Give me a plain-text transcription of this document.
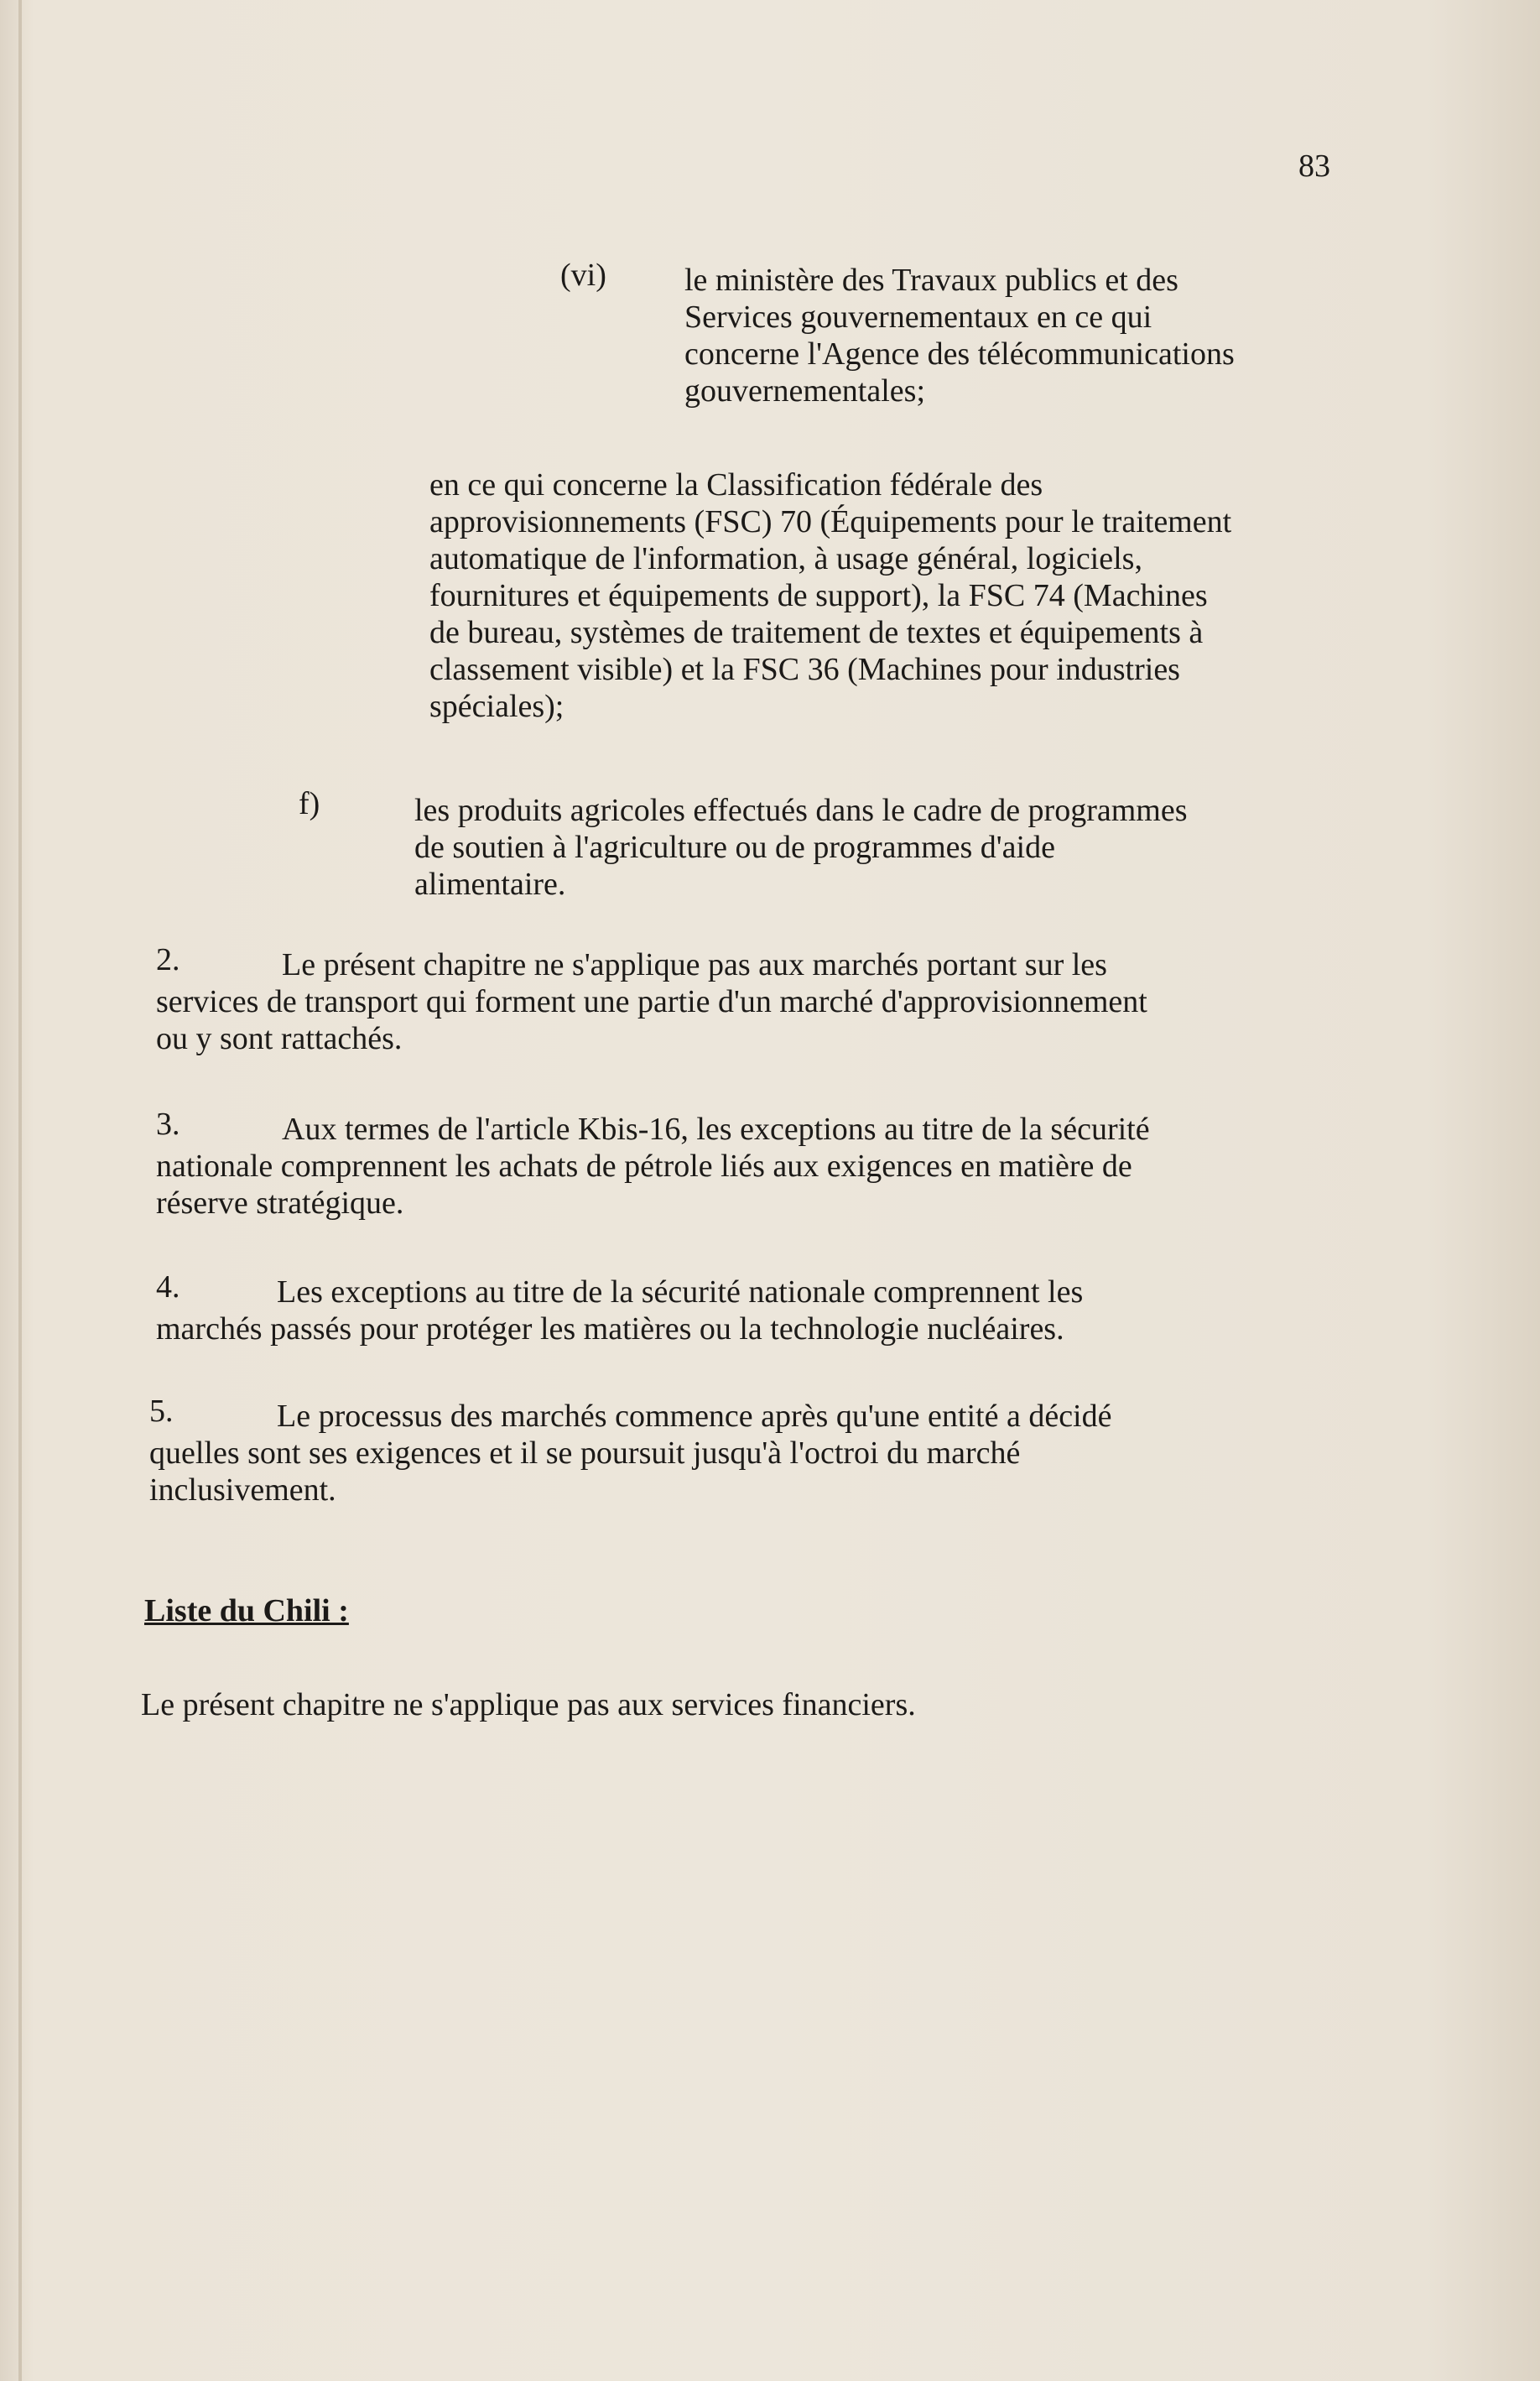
83
(vi) le ministère des Travaux publics et des
Services gouvernementaux en ce qui
concerne l'Agence des télécommunications
gouvernementales;
en ce qui concerne la Classification fédérale des
approvisionnements (FSC) 70 (Équipements pour le traitement
automatique de l'information, à usage général, logiciels,
fournitures et équipements de support), la FSC 74 (Machines
de bureau, systèmes de traitement de textes et équipements à
classement visible) et la FSC 36 (Machines pour industries
spéciales);
f)	les produits agricoles effectués dans le cadre de programmes
de soutien à l'agriculture ou de programmes d'aide
alimentaire.
2.	Le présent chapitre ne s'applique pas aux marchés portant sur les
services de transport qui forment une partie d'un marché d'approvisionnement
ou y sont rattachés.
3.	Aux termes de l'article Kbis-16, les exceptions au titre de la sécurité
nationale comprennent les achats de pétrole liés aux exigences en matière de
réserve stratégique.
4.	Les exceptions au titre de la sécurité nationale comprennent les
marchés passés pour protéger les matières ou la technologie nucléaires.
5.	Le processus des marchés commence après qu'une entité a décidé
quelles sont ses exigences et il se poursuit jusqu'à l'octroi du marché
inclusivement.
Liste du Chili :
Le présent chapitre ne s'applique pas aux services financiers.
